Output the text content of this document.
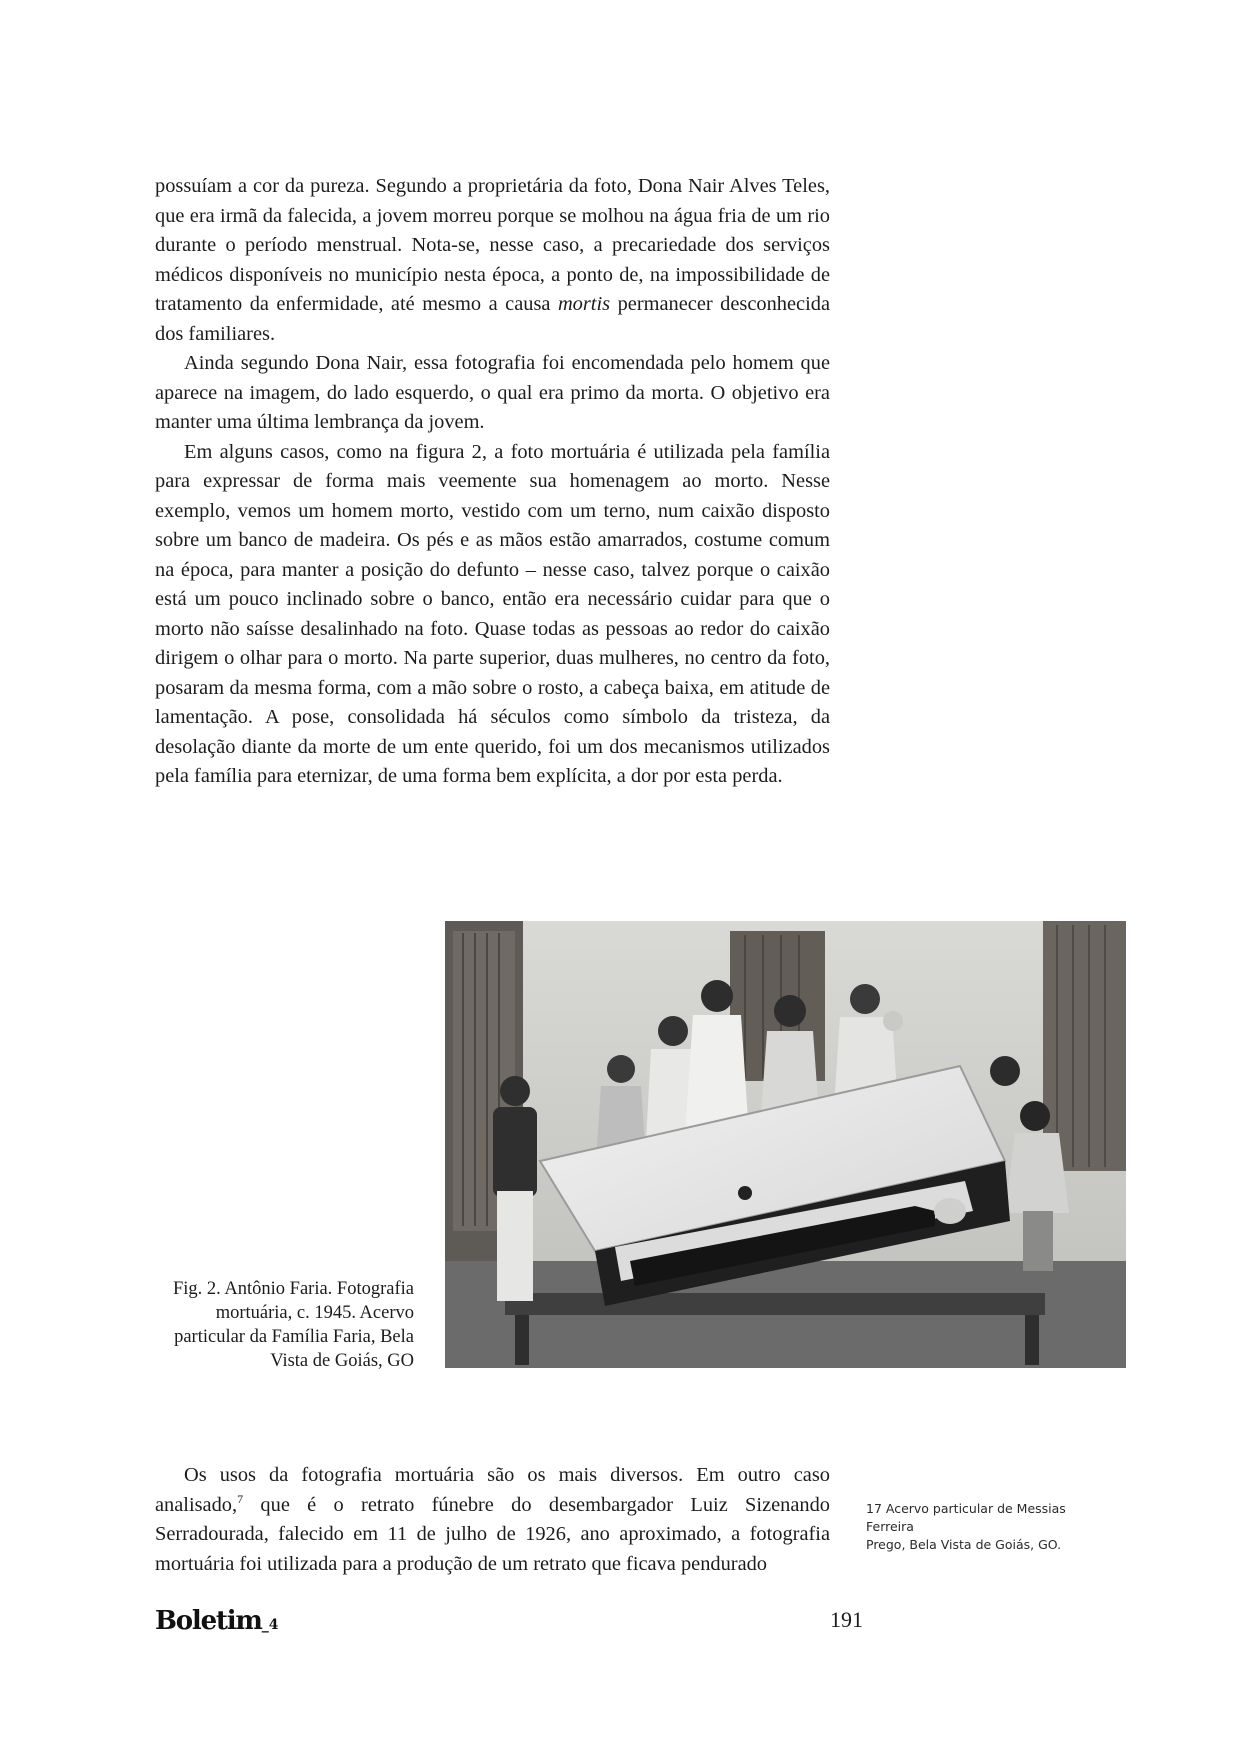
possuíam a cor da pureza. Segundo a proprietária da foto, Dona Nair Alves Teles, que era irmã da falecida, a jovem morreu porque se molhou na água fria de um rio durante o período menstrual. Nota-se, nesse caso, a precariedade dos serviços médicos disponíveis no município nesta época, a ponto de, na impossibilidade de tratamento da enfermidade, até mesmo a causa mortis permanecer desconhecida dos familiares.

Ainda segundo Dona Nair, essa fotografia foi encomendada pelo homem que aparece na imagem, do lado esquerdo, o qual era primo da morta. O objetivo era manter uma última lembrança da jovem.

Em alguns casos, como na figura 2, a foto mortuária é utilizada pela família para expressar de forma mais veemente sua homenagem ao morto. Nesse exemplo, vemos um homem morto, vestido com um terno, num caixão disposto sobre um banco de madeira. Os pés e as mãos estão amarrados, costume comum na época, para manter a posição do defunto – nesse caso, talvez porque o caixão está um pouco inclinado sobre o banco, então era necessário cuidar para que o morto não saísse desalinhado na foto. Quase todas as pessoas ao redor do caixão dirigem o olhar para o morto. Na parte superior, duas mulheres, no centro da foto, posaram da mesma forma, com a mão sobre o rosto, a cabeça baixa, em atitude de lamentação. A pose, consolidada há séculos como símbolo da tristeza, da desolação diante da morte de um ente querido, foi um dos mecanismos utilizados pela família para eternizar, de uma forma bem explícita, a dor por esta perda.

Fig. 2. Antônio Faria. Fotografia
mortuária, c. 1945. Acervo
particular da Família Faria, Bela
Vista de Goiás, GO

Os usos da fotografia mortuária são os mais diversos. Em outro caso analisado,$^7$ que é o retrato fúnebre do desembargador Luiz Sizenando Serradourada, falecido em 11 de julho de 1926, ano aproximado, a fotografia mortuária foi utilizada para a produção de um retrato que ficava pendurado

17 Acervo particular de Messias Ferreira
Prego, Bela Vista de Goiás, GO.
Boletim_4	191
